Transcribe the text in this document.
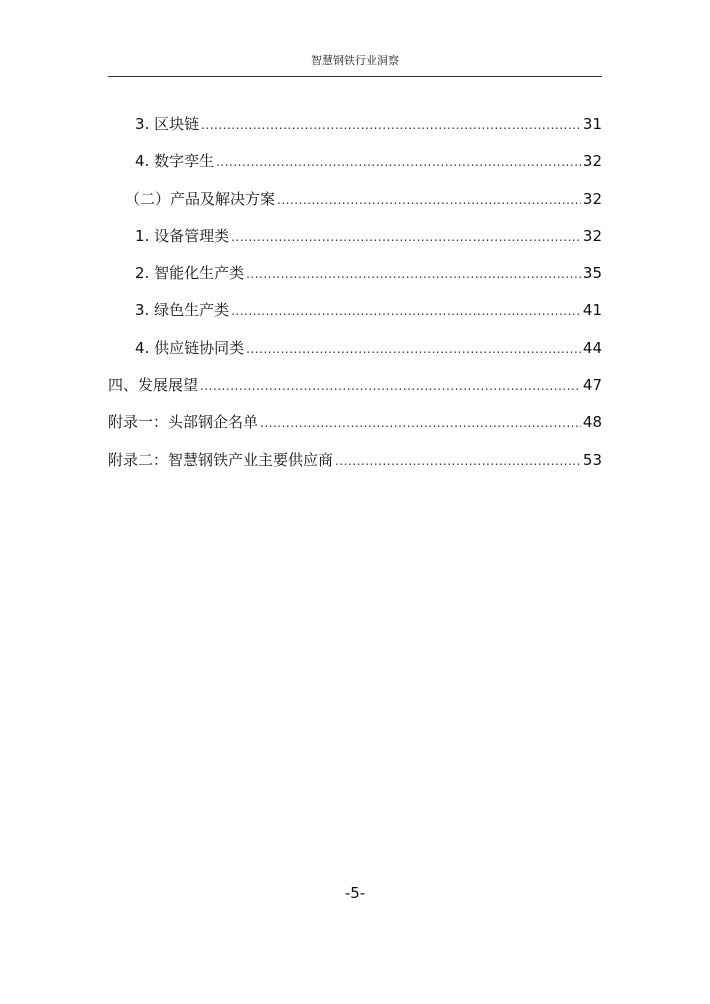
智慧钢铁行业洞察
3. 区块链 .....	31
4. 数字孪生 .....	32
（二）产品及解决方案 .....	32
1. 设备管理类 .....	32
2. 智能化生产类 .....	35
3. 绿色生产类 .....	41
4. 供应链协同类 .....	44
四、发展展望 .....	47
附录一：头部钢企名单 .....	48
附录二：智慧钢铁产业主要供应商 .....	53
-5-
